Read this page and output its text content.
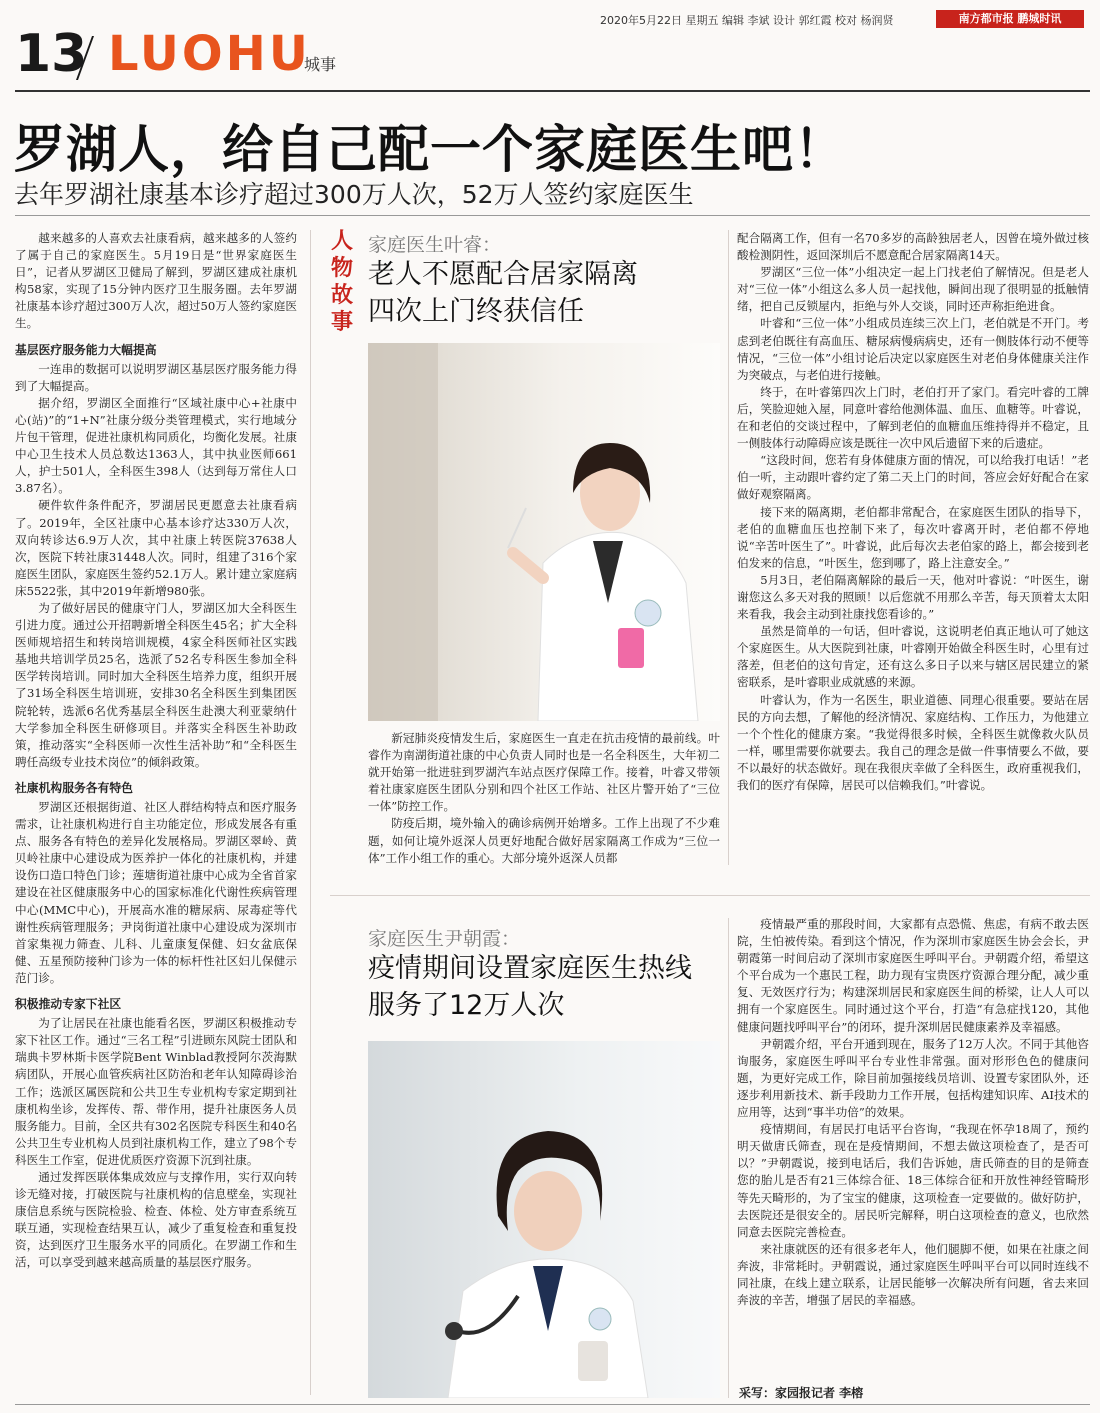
2020年5月22日 星期五 编辑 李斌 设计 郭红霞 校对 杨润贤	南方都市报 鹏城时讯
13 LUOHU
城事
罗湖人，给自己配一个家庭医生吧！
去年罗湖社康基本诊疗超过300万人次，52万人签约家庭医生

越来越多的人喜欢去社康看病，越来越多的人签约了属于自己的家庭医生。5月19日是“世界家庭医生日”，记者从罗湖区卫健局了解到，罗湖区建成社康机构58家，实现了15分钟内医疗卫生服务圈。去年罗湖社康基本诊疗超过300万人次，超过50万人签约家庭医生。

基层医疗服务能力大幅提高

一连串的数据可以说明罗湖区基层医疗服务能力得到了大幅提高。

据介绍，罗湖区全面推行“区域社康中心+社康中心(站)”的“1+N”社康分级分类管理模式，实行地域分片包干管理，促进社康机构同质化，均衡化发展。社康中心卫生技术人员总数达1363人，其中执业医师661人，护士501人，全科医生398人（达到每万常住人口3.87名）。

硬件软件条件配齐，罗湖居民更愿意去社康看病了。2019年，全区社康中心基本诊疗达330万人次，双向转诊达6.9万人次，其中社康上转医院37638人次，医院下转社康31448人次。同时，组建了316个家庭医生团队，家庭医生签约52.1万人。累计建立家庭病床5522张，其中2019年新增980张。

为了做好居民的健康守门人，罗湖区加大全科医生引进力度。通过公开招聘新增全科医生45名；扩大全科医师规培招生和转岗培训规模，4家全科医师社区实践基地共培训学员25名，选派了52名专科医生参加全科医学转岗培训。同时加大全科医生培养力度，组织开展了31场全科医生培训班，安排30名全科医生到集团医院轮转，选派6名优秀基层全科医生赴澳大利亚蒙纳什大学参加全科医生研修项目。并落实全科医生补助政策，推动落实“全科医师一次性生活补助”和“全科医生聘任高级专业技术岗位”的倾斜政策。

社康机构服务各有特色

罗湖区还根据街道、社区人群结构特点和医疗服务需求，让社康机构进行自主功能定位，形成发展各有重点、服务各有特色的差异化发展格局。罗湖区翠岭、黄贝岭社康中心建设成为医养护一体化的社康机构，并建设伤口造口特色门诊；莲塘街道社康中心成为全省首家建设在社区健康服务中心的国家标准化代谢性疾病管理中心(MMC中心)，开展高水准的糖尿病、尿毒症等代谢性疾病管理服务；尹岗街道社康中心建设成为深圳市首家集视力筛查、儿科、儿童康复保健、妇女盆底保健、五星预防接种门诊为一体的标杆性社区妇儿保健示范门诊。

积极推动专家下社区

为了让居民在社康也能看名医，罗湖区积极推动专家下社区工作。通过“三名工程”引进顾东风院士团队和瑞典卡罗林斯卡医学院Bent Winblad教授阿尔茨海默病团队，开展心血管疾病社区防治和老年认知障碍诊治工作；选派区属医院和公共卫生专业机构专家定期到社康机构坐诊，发挥传、帮、带作用，提升社康医务人员服务能力。目前，全区共有302名医院专科医生和40名公共卫生专业机构人员到社康机构工作，建立了98个专科医生工作室，促进优质医疗资源下沉到社康。

通过发挥医联体集成效应与支撑作用，实行双向转诊无缝对接，打破医院与社康机构的信息壁垒，实现社康信息系统与医院检验、检查、体检、处方审查系统互联互通，实现检查结果互认，减少了重复检查和重复投资，达到医疗卫生服务水平的同质化。在罗湖工作和生活，可以享受到越来越高质量的基层医疗服务。

人
物
故
事
家庭医生叶睿：
老人不愿配合居家隔离
四次上门终获信任

新冠肺炎疫情发生后，家庭医生一直走在抗击疫情的最前线。叶睿作为南湖街道社康的中心负责人同时也是一名全科医生，大年初二就开始第一批进驻到罗湖汽车站点医疗保障工作。接着，叶睿又带领着社康家庭医生团队分别和四个社区工作站、社区片警开始了“三位一体”防控工作。

防疫后期，境外输入的确诊病例开始增多。工作上出现了不少难题，如何让境外返深人员更好地配合做好居家隔离工作成为“三位一体”工作小组工作的重心。大部分境外返深人员都

配合隔离工作，但有一名70多岁的高龄独居老人，因曾在境外做过核酸检测阴性，返回深圳后不愿意配合居家隔离14天。

罗湖区“三位一体”小组决定一起上门找老伯了解情况。但是老人对“三位一体”小组这么多人员一起找他，瞬间出现了很明显的抵触情绪，把自己反锁屋内，拒绝与外人交谈，同时还声称拒绝进食。

叶睿和“三位一体”小组成员连续三次上门，老伯就是不开门。考虑到老伯既往有高血压、糖尿病慢病病史，还有一侧肢体行动不便等情况，“三位一体”小组讨论后决定以家庭医生对老伯身体健康关注作为突破点，与老伯进行接触。

终于，在叶睿第四次上门时，老伯打开了家门。看完叶睿的工牌后，笑脸迎她入屋，同意叶睿给他测体温、血压、血糖等。叶睿说，在和老伯的交谈过程中，了解到老伯的血糖血压维持得并不稳定，且一侧肢体行动障碍应该是既往一次中风后遗留下来的后遗症。

“这段时间，您若有身体健康方面的情况，可以给我打电话！”老伯一听，主动跟叶睿约定了第二天上门的时间，答应会好好配合在家做好观察隔离。

接下来的隔离期，老伯都非常配合，在家庭医生团队的指导下，老伯的血糖血压也控制下来了，每次叶睿离开时，老伯都不停地说“辛苦叶医生了”。叶睿说，此后每次去老伯家的路上，都会接到老伯发来的信息，“叶医生，您到哪了，路上注意安全。”

5月3日，老伯隔离解除的最后一天，他对叶睿说：“叶医生，谢谢您这么多天对我的照顾！以后您就不用那么辛苦，每天顶着太太阳来看我，我会主动到社康找您看诊的。”

虽然是简单的一句话，但叶睿说，这说明老伯真正地认可了她这个家庭医生。从大医院到社康，叶睿刚开始做全科医生时，心里有过落差，但老伯的这句肯定，还有这么多日子以来与辖区居民建立的紧密联系，是叶睿职业成就感的来源。

叶睿认为，作为一名医生，职业道德、同理心很重要。要站在居民的方向去想，了解他的经济情况、家庭结构、工作压力，为他建立一个个性化的健康方案。“我觉得很多时候，全科医生就像救火队员一样，哪里需要你就要去。我自己的理念是做一件事情要么不做，要不以最好的状态做好。现在我很庆幸做了全科医生，政府重视我们，我们的医疗有保障，居民可以信赖我们。”叶睿说。

家庭医生尹朝霞：
疫情期间设置家庭医生热线
服务了12万人次

疫情最严重的那段时间，大家都有点恐慌、焦虑，有病不敢去医院，生怕被传染。看到这个情况，作为深圳市家庭医生协会会长，尹朝霞第一时间启动了深圳市家庭医生呼叫平台。尹朝霞介绍，希望这个平台成为一个惠民工程，助力现有宝贵医疗资源合理分配，减少重复、无效医疗行为；构建深圳居民和家庭医生间的桥梁，让人人可以拥有一个家庭医生。同时通过这个平台，打造“有急症找120，其他健康问题找呼叫平台”的闭环，提升深圳居民健康素养及幸福感。

尹朝霞介绍，平台开通到现在，服务了12万人次。不同于其他咨询服务，家庭医生呼叫平台专业性非常强。面对形形色色的健康问题，为更好完成工作，除目前加强接线员培训、设置专家团队外，还逐步利用新技术、新手段助力工作开展，包括构建知识库、AI技术的应用等，达到“事半功倍”的效果。

疫情期间，有居民打电话平台咨询，“我现在怀孕18周了，预约明天做唐氏筛查，现在是疫情期间，不想去做这项检查了，是否可以？”尹朝霞说，接到电话后，我们告诉她，唐氏筛查的目的是筛查您的胎儿是否有21三体综合征、18三体综合征和开放性神经管畸形等先天畸形的，为了宝宝的健康，这项检查一定要做的。做好防护，去医院还是很安全的。居民听完解释，明白这项检查的意义，也欣然同意去医院完善检查。

来社康就医的还有很多老年人，他们腿脚不便，如果在社康之间奔波，非常耗时。尹朝霞说，通过家庭医生呼叫平台可以同时连线不同社康，在线上建立联系，让居民能够一次解决所有问题，省去来回奔波的辛苦，增强了居民的幸福感。

采写：家园报记者 李榕
